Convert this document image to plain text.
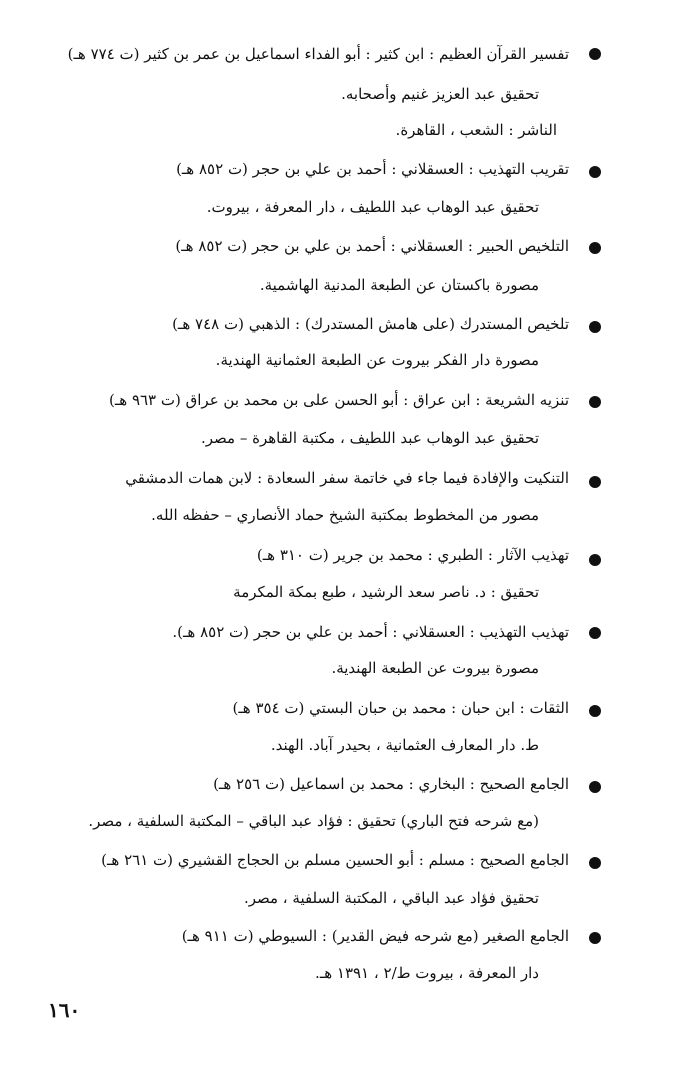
تفسير القرآن العظيم : ابن كثير : أبو الفداء اسماعيل بن عمر بن كثير (ت ٧٧٤ هـ)
تحقيق عبد العزيز غنيم وأصحابه.
الناشر : الشعب ، القاهرة.
تقريب التهذيب : العسقلاني : أحمد بن علي بن حجر (ت ٨٥٢ هـ)
تحقيق عبد الوهاب عبد اللطيف ، دار المعرفة ، بيروت.
التلخيص الحبير : العسقلاني : أحمد بن علي بن حجر (ت ٨٥٢ هـ)
مصورة باكستان عن الطبعة المدنية الهاشمية.
تلخيص المستدرك (على هامش المستدرك) : الذهبي (ت ٧٤٨ هـ)
مصورة دار الفكر بيروت عن الطبعة العثمانية الهندية.
تنزيه الشريعة : ابن عراق : أبو الحسن على بن محمد بن عراق (ت ٩٦٣ هـ)
تحقيق عبد الوهاب عبد اللطيف ، مكتبة القاهرة – مصر.
التنكيت والإفادة فيما جاء في خاتمة سفر السعادة : لابن همات الدمشقي
مصور من المخطوط بمكتبة الشيخ حماد الأنصاري – حفظه الله.
تهذيب الآثار : الطبري : محمد بن جرير (ت ٣١٠ هـ)
تحقيق : د. ناصر سعد الرشيد ، طبع بمكة المكرمة
تهذيب التهذيب : العسقلاني : أحمد بن علي بن حجر (ت ٨٥٢ هـ).
مصورة بيروت عن الطبعة الهندية.
الثقات : ابن حبان : محمد بن حبان البستي (ت ٣٥٤ هـ)
ط. دار المعارف العثمانية ، بحيدر آباد. الهند.
الجامع الصحيح : البخاري : محمد بن اسماعيل (ت ٢٥٦ هـ)
(مع شرحه فتح الباري) تحقيق : فؤاد عبد الباقي – المكتبة السلفية ، مصر.
الجامع الصحيح : مسلم : أبو الحسين مسلم بن الحجاج القشيري (ت ٢٦١ هـ)
تحقيق فؤاد عبد الباقي ، المكتبة السلفية ، مصر.
الجامع الصغير (مع شرحه فيض القدير) : السيوطي (ت ٩١١ هـ)
دار المعرفة ، بيروت ط/٢ ، ١٣٩١ هـ.
١٦٠
